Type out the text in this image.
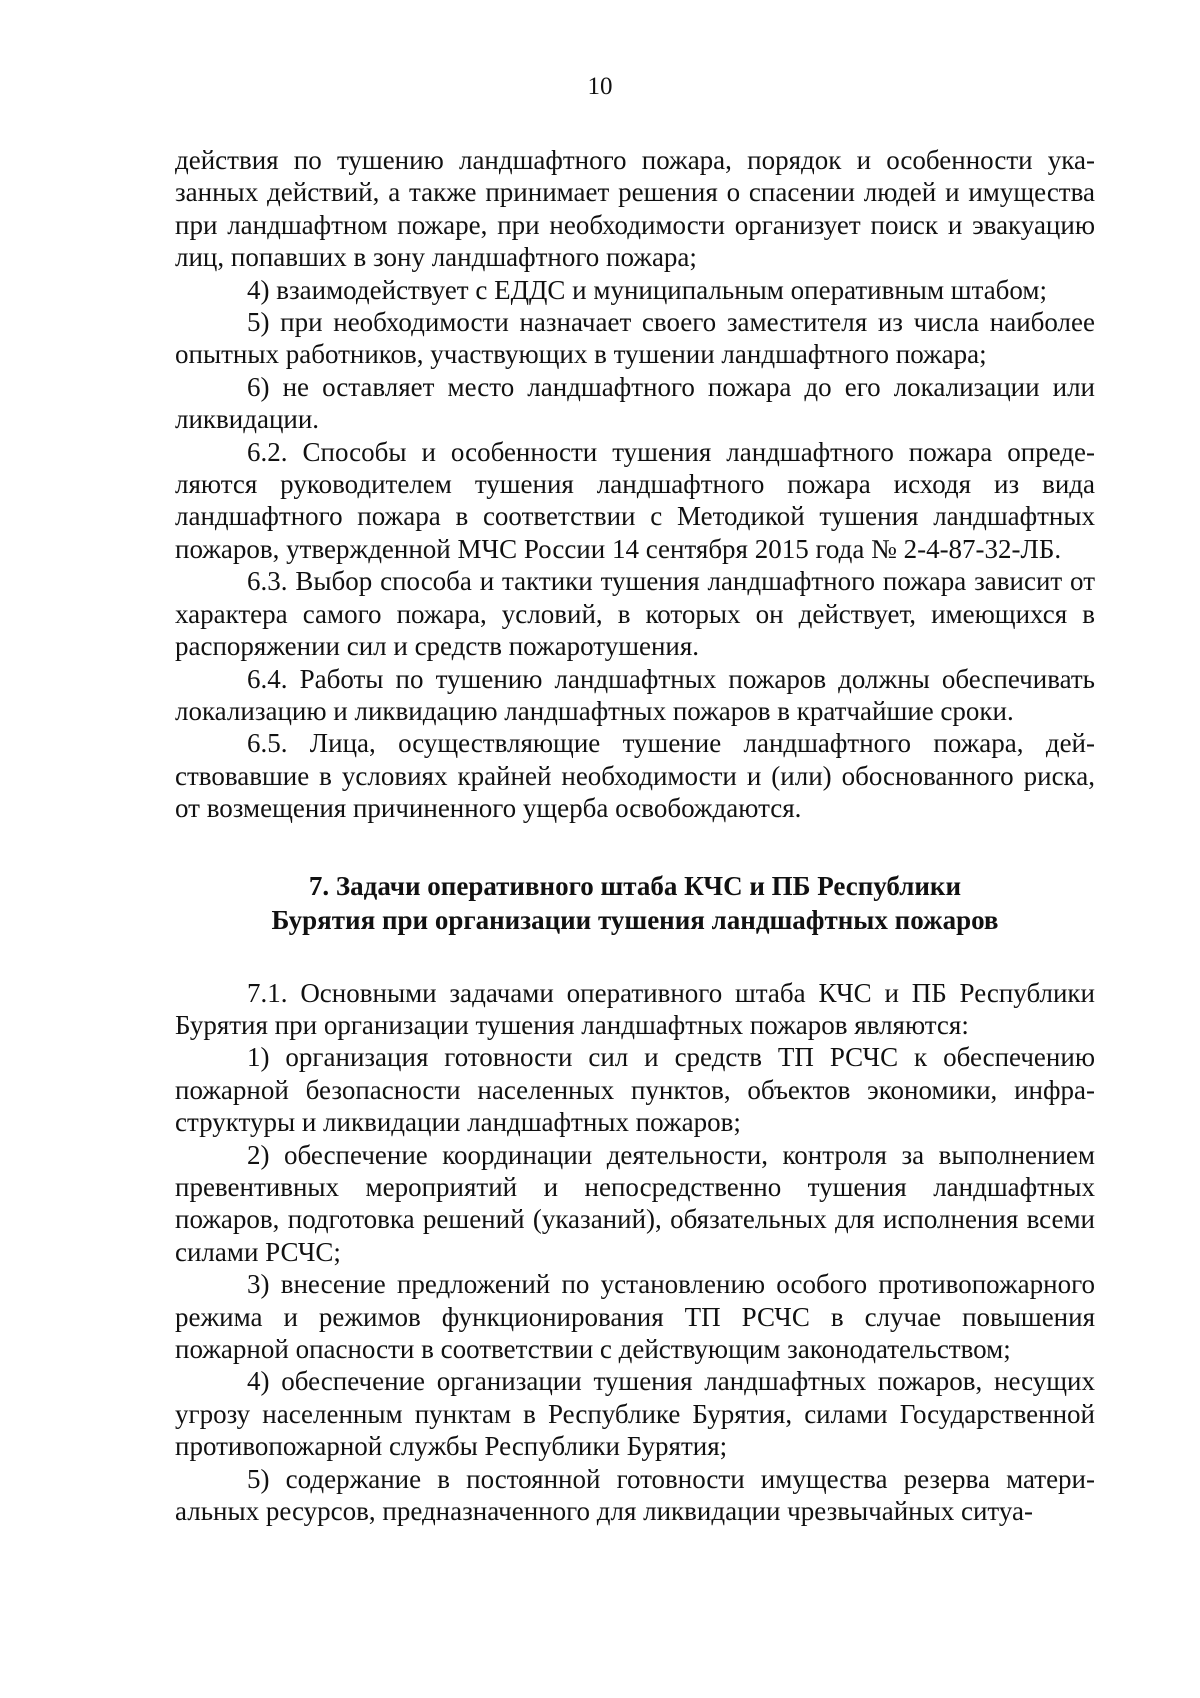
10

действия по тушению ландшафтного пожара, порядок и особенности указанных действий, а также принимает решения о спасении людей и имущества при ландшафтном пожаре, при необходимости организует поиск и эвакуацию лиц, попавших в зону ландшафтного пожара;

4) взаимодействует с ЕДДС и муниципальным оперативным штабом;

5) при необходимости назначает своего заместителя из числа наиболее опытных работников, участвующих в тушении ландшафтного пожара;

6) не оставляет место ландшафтного пожара до его локализации или ликвидации.

6.2. Способы и особенности тушения ландшафтного пожара определяются руководителем тушения ландшафтного пожара исходя из вида ландшафтного пожара в соответствии с Методикой тушения ландшафтных пожаров, утвержденной МЧС России 14 сентября 2015 года № 2-4-87-32-ЛБ.

6.3. Выбор способа и тактики тушения ландшафтного пожара зависит от характера самого пожара, условий, в которых он действует, имеющихся в распоряжении сил и средств пожаротушения.

6.4. Работы по тушению ландшафтных пожаров должны обеспечивать локализацию и ликвидацию ландшафтных пожаров в кратчайшие сроки.

6.5. Лица, осуществляющие тушение ландшафтного пожара, действовавшие в условиях крайней необходимости и (или) обоснованного риска, от возмещения причиненного ущерба освобождаются.

7. Задачи оперативного штаба КЧС и ПБ Республики
Бурятия при организации тушения ландшафтных пожаров

7.1. Основными задачами оперативного штаба КЧС и ПБ Республики Бурятия при организации тушения ландшафтных пожаров являются:

1) организация готовности сил и средств ТП РСЧС к обеспечению пожарной безопасности населенных пунктов, объектов экономики, инфраструктуры и ликвидации ландшафтных пожаров;

2) обеспечение координации деятельности, контроля за выполнением превентивных мероприятий и непосредственно тушения ландшафтных пожаров, подготовка решений (указаний), обязательных для исполнения всеми силами РСЧС;

3) внесение предложений по установлению особого противопожарного режима и режимов функционирования ТП РСЧС в случае повышения пожарной опасности в соответствии с действующим законодательством;

4) обеспечение организации тушения ландшафтных пожаров, несущих угрозу населенным пунктам в Республике Бурятия, силами Государственной противопожарной службы Республики Бурятия;

5) содержание в постоянной готовности имущества резерва материальных ресурсов, предназначенного для ликвидации чрезвычайных ситуа-
